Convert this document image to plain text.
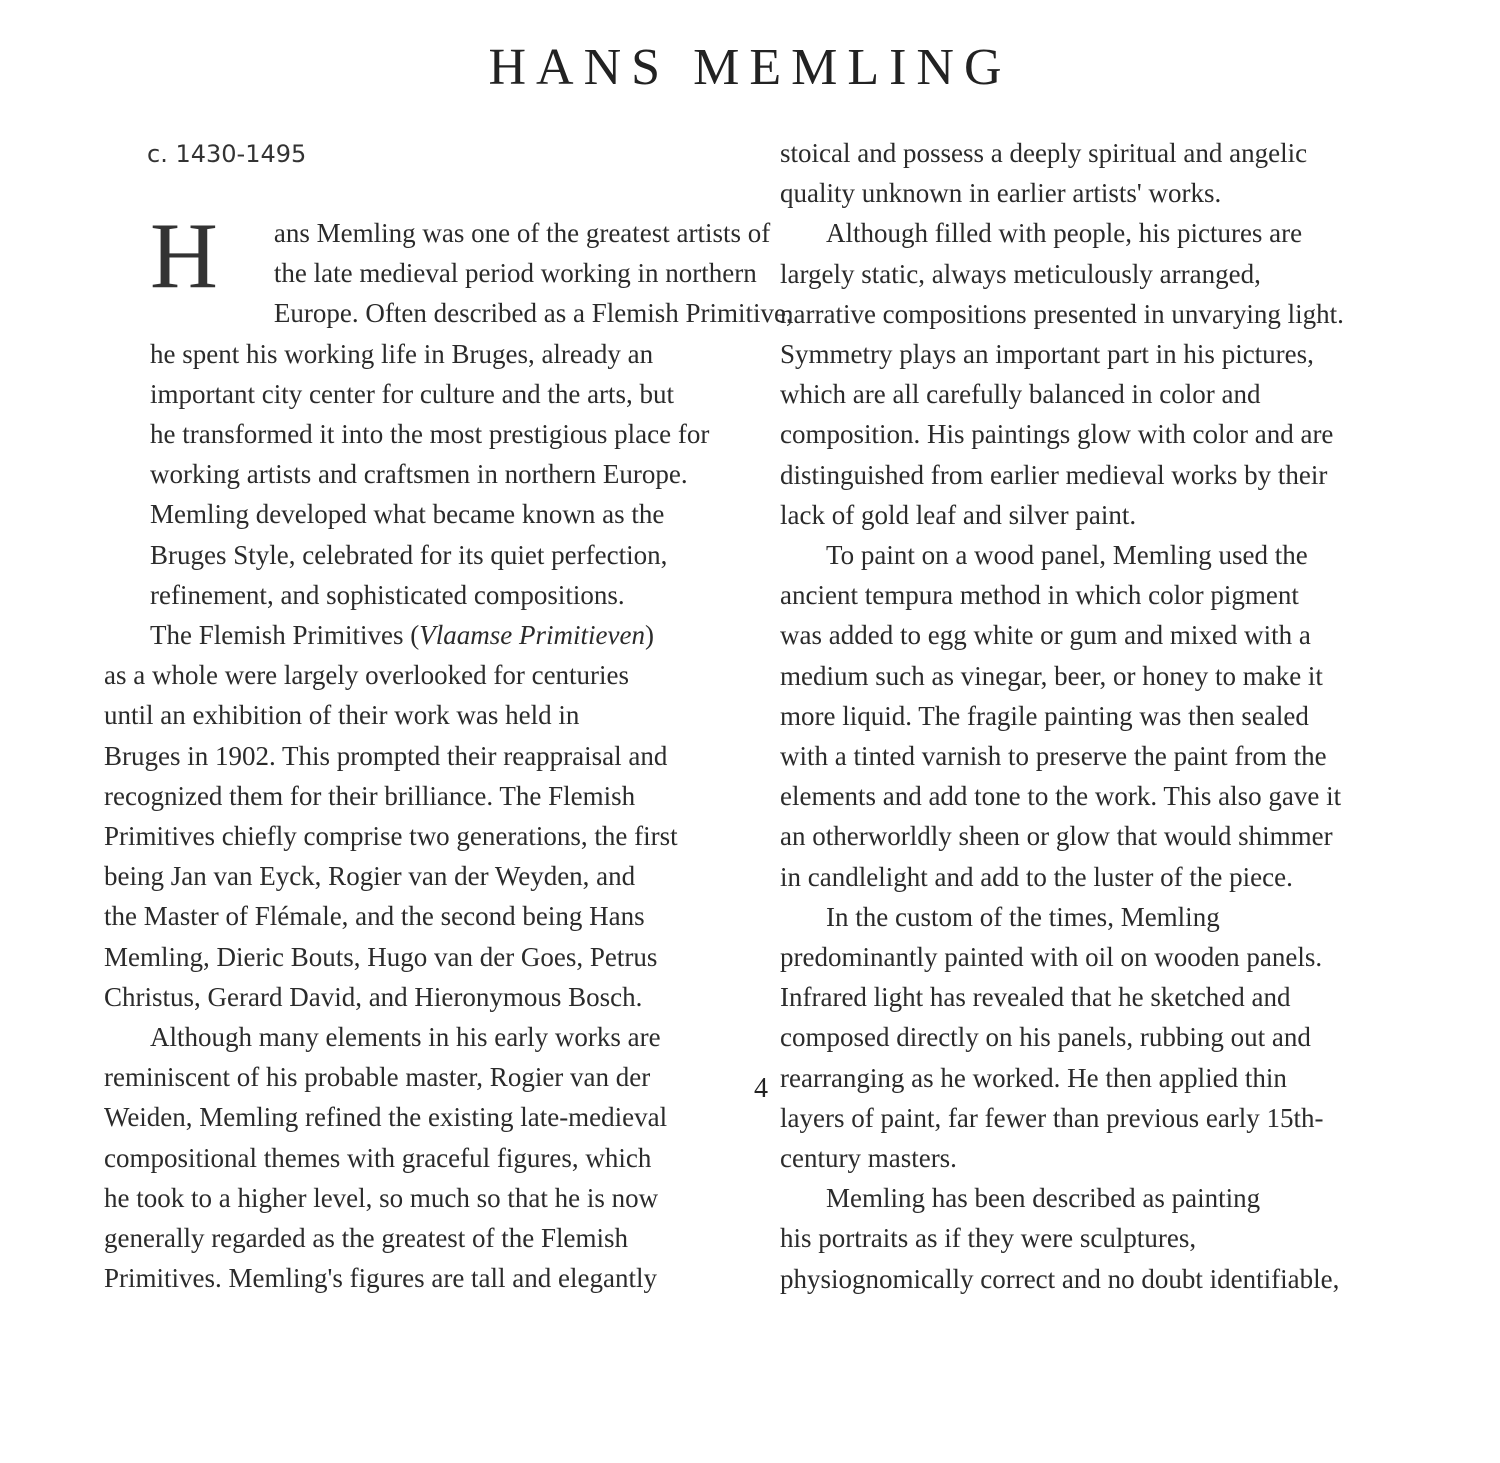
HANS MEMLING
c. 1430-1495

H	ans Memling was one of the greatest artists of
the late medieval period working in northern
Europe. Often described as a Flemish Primitive,
he spent his working life in Bruges, already an
important city center for culture and the arts, but
he transformed it into the most prestigious place for
working artists and craftsmen in northern Europe.
Memling developed what became known as the
Bruges Style, celebrated for its quiet perfection,
refinement, and sophisticated compositions.

The Flemish Primitives (Vlaamse Primitieven)
as a whole were largely overlooked for centuries
until an exhibition of their work was held in
Bruges in 1902. This prompted their reappraisal and
recognized them for their brilliance. The Flemish
Primitives chiefly comprise two generations, the first
being Jan van Eyck, Rogier van der Weyden, and
the Master of Flémale, and the second being Hans
Memling, Dieric Bouts, Hugo van der Goes, Petrus
Christus, Gerard David, and Hieronymous Bosch.

Although many elements in his early works are
reminiscent of his probable master, Rogier van der
Weiden, Memling refined the existing late-medieval
compositional themes with graceful figures, which
he took to a higher level, so much so that he is now
generally regarded as the greatest of the Flemish
Primitives. Memling's figures are tall and elegantly

stoical and possess a deeply spiritual and angelic
quality unknown in earlier artists' works.

Although filled with people, his pictures are
largely static, always meticulously arranged,
narrative compositions presented in unvarying light.
Symmetry plays an important part in his pictures,
which are all carefully balanced in color and
composition. His paintings glow with color and are
distinguished from earlier medieval works by their
lack of gold leaf and silver paint.

To paint on a wood panel, Memling used the
ancient tempura method in which color pigment
was added to egg white or gum and mixed with a
medium such as vinegar, beer, or honey to make it
more liquid. The fragile painting was then sealed
with a tinted varnish to preserve the paint from the
elements and add tone to the work. This also gave it
an otherworldly sheen or glow that would shimmer
in candlelight and add to the luster of the piece.

In the custom of the times, Memling
predominantly painted with oil on wooden panels.
Infrared light has revealed that he sketched and
composed directly on his panels, rubbing out and
rearranging as he worked. He then applied thin
layers of paint, far fewer than previous early 15th-
century masters.

Memling has been described as painting
his portraits as if they were sculptures,
physiognomically correct and no doubt identifiable,

4
